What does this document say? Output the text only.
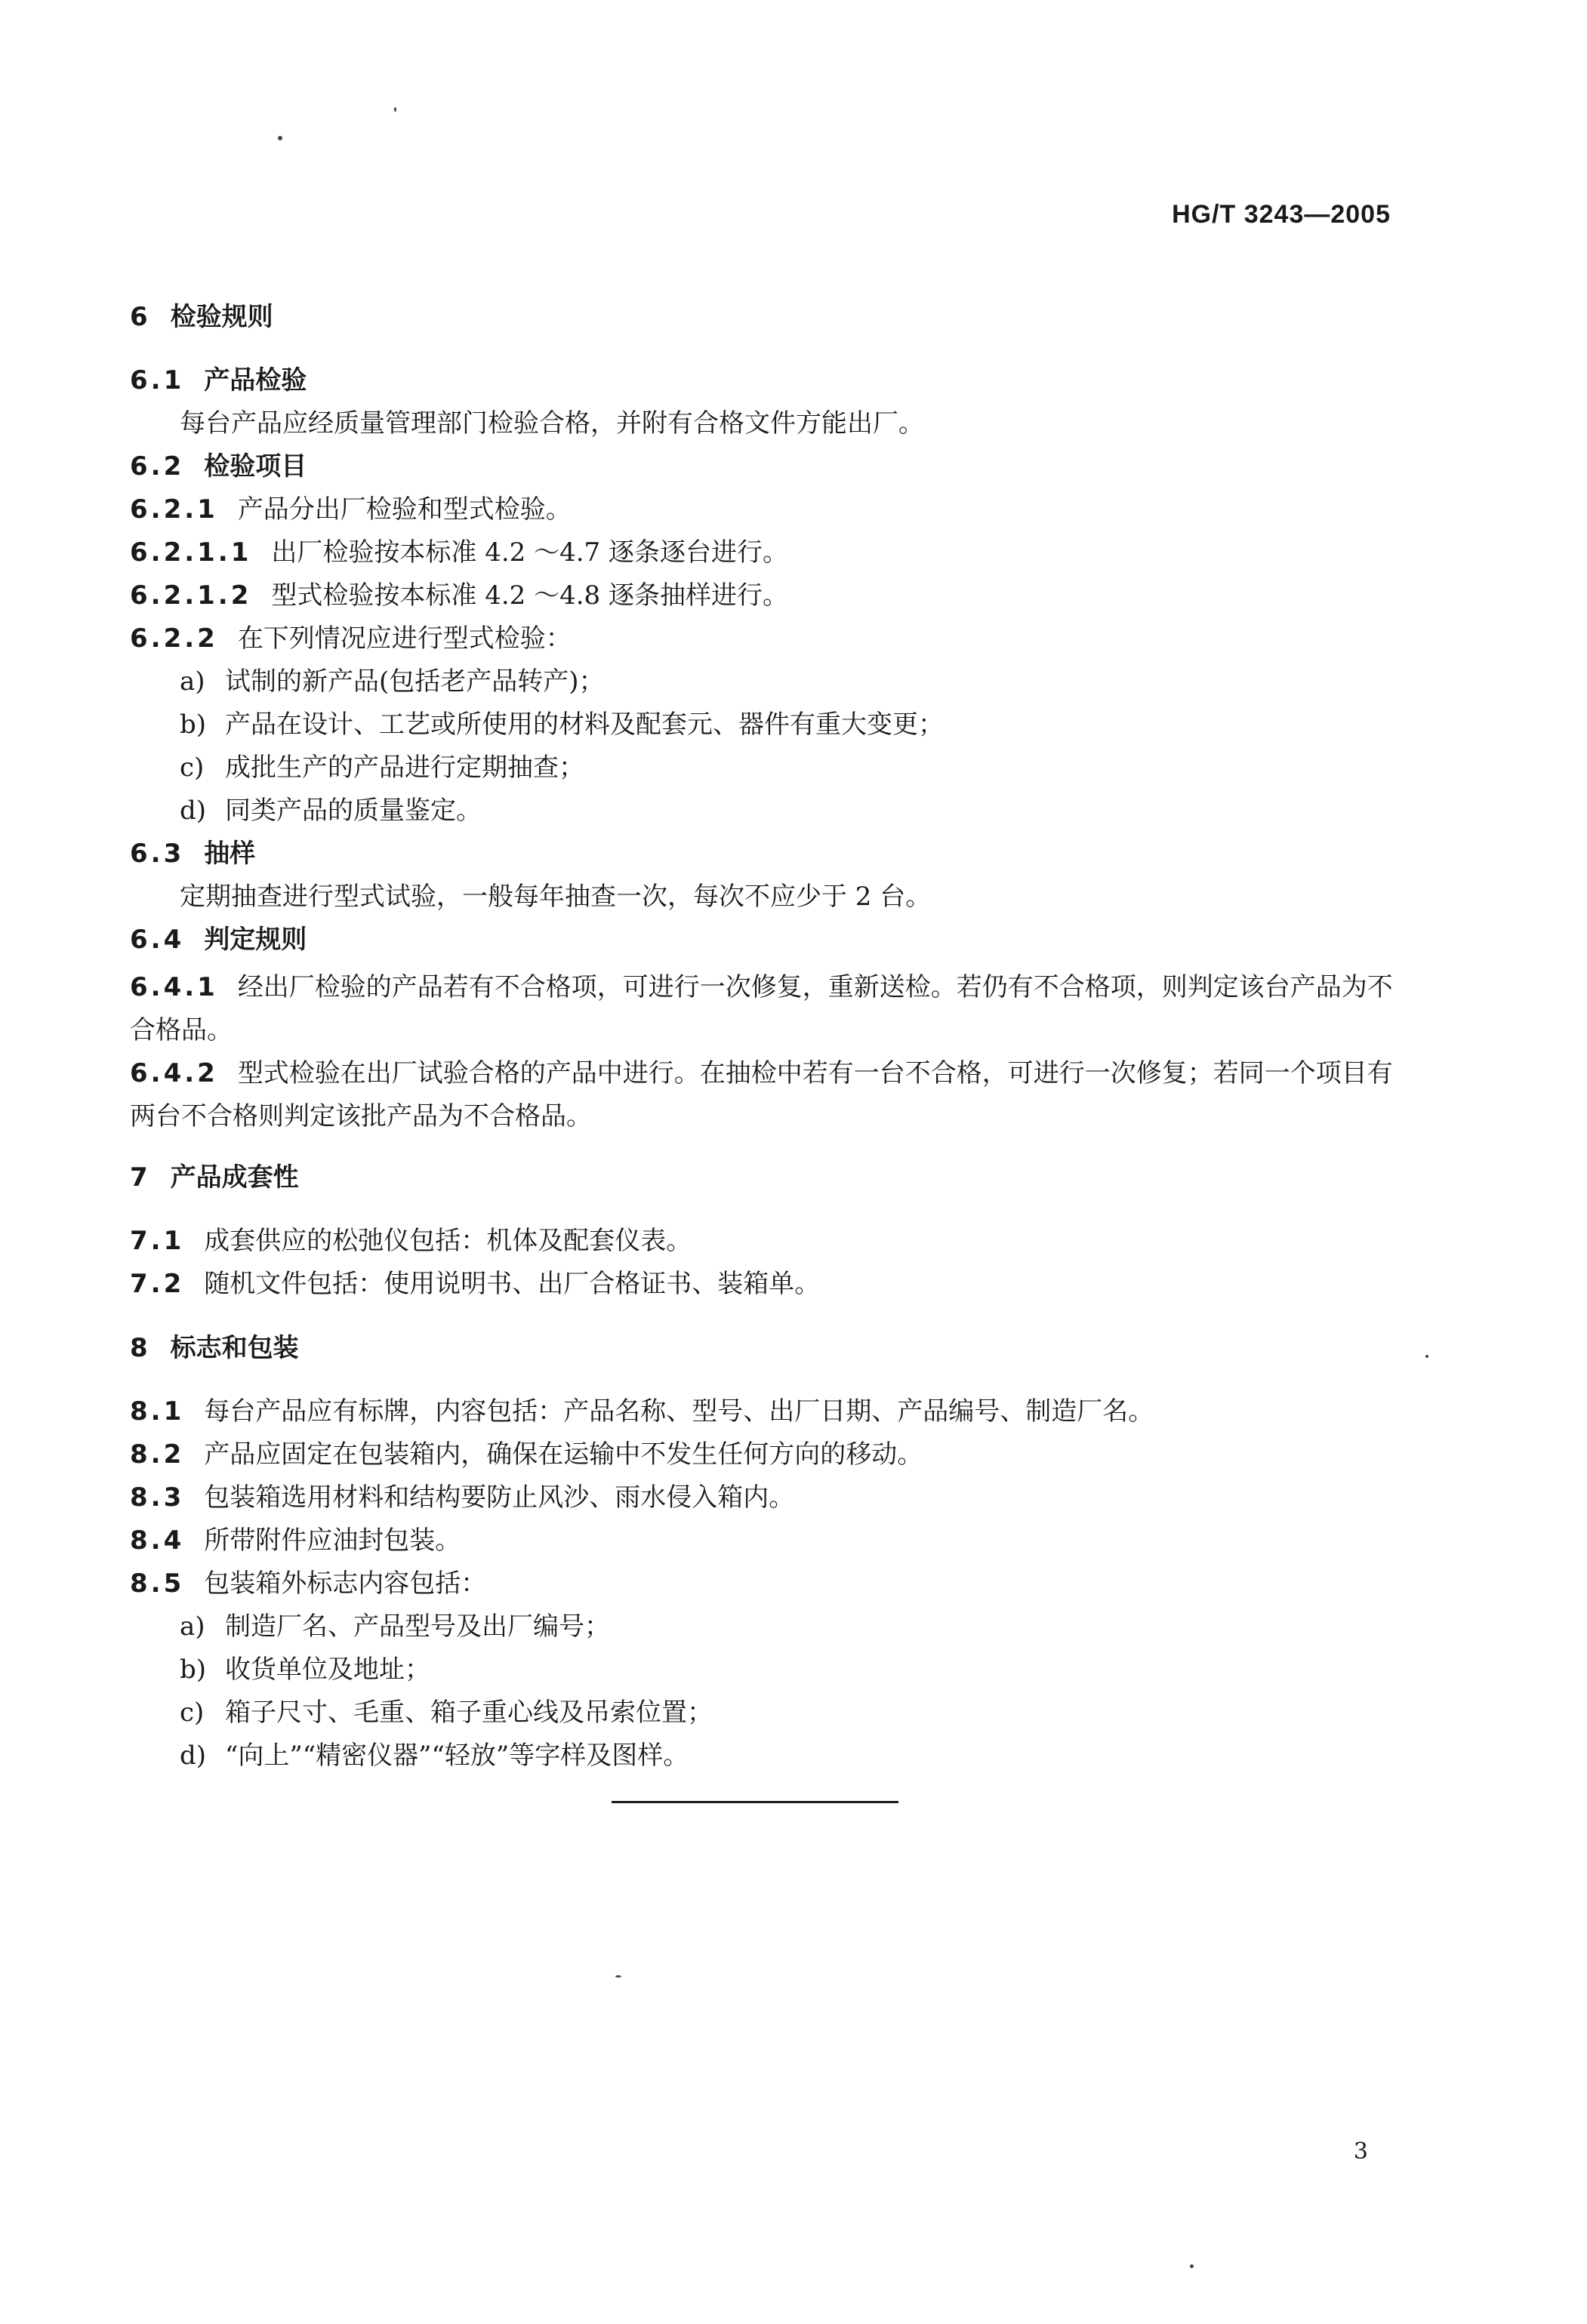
HG/T 3243—2005
6 检验规则
6.1 产品检验
每台产品应经质量管理部门检验合格，并附有合格文件方能出厂。
6.2 检验项目
6.2.1 产品分出厂检验和型式检验。
6.2.1.1 出厂检验按本标准 4.2 ～4.7 逐条逐台进行。
6.2.1.2 型式检验按本标准 4.2 ～4.8 逐条抽样进行。
6.2.2 在下列情况应进行型式检验：
a) 试制的新产品(包括老产品转产)；
b) 产品在设计、工艺或所使用的材料及配套元、器件有重大变更；
c) 成批生产的产品进行定期抽查；
d) 同类产品的质量鉴定。
6.3 抽样
定期抽查进行型式试验，一般每年抽查一次，每次不应少于 2 台。
6.4 判定规则
6.4.1 经出厂检验的产品若有不合格项，可进行一次修复，重新送检。若仍有不合格项，则判定该台产品为不合格品。
6.4.2 型式检验在出厂试验合格的产品中进行。在抽检中若有一台不合格，可进行一次修复；若同一个项目有两台不合格则判定该批产品为不合格品。
7 产品成套性
7.1 成套供应的松弛仪包括：机体及配套仪表。
7.2 随机文件包括：使用说明书、出厂合格证书、装箱单。
8 标志和包装
8.1 每台产品应有标牌，内容包括：产品名称、型号、出厂日期、产品编号、制造厂名。
8.2 产品应固定在包装箱内，确保在运输中不发生任何方向的移动。
8.3 包装箱选用材料和结构要防止风沙、雨水侵入箱内。
8.4 所带附件应油封包装。
8.5 包装箱外标志内容包括：
a) 制造厂名、产品型号及出厂编号；
b) 收货单位及地址；
c) 箱子尺寸、毛重、箱子重心线及吊索位置；
d) “向上”“精密仪器”“轻放”等字样及图样。
3
